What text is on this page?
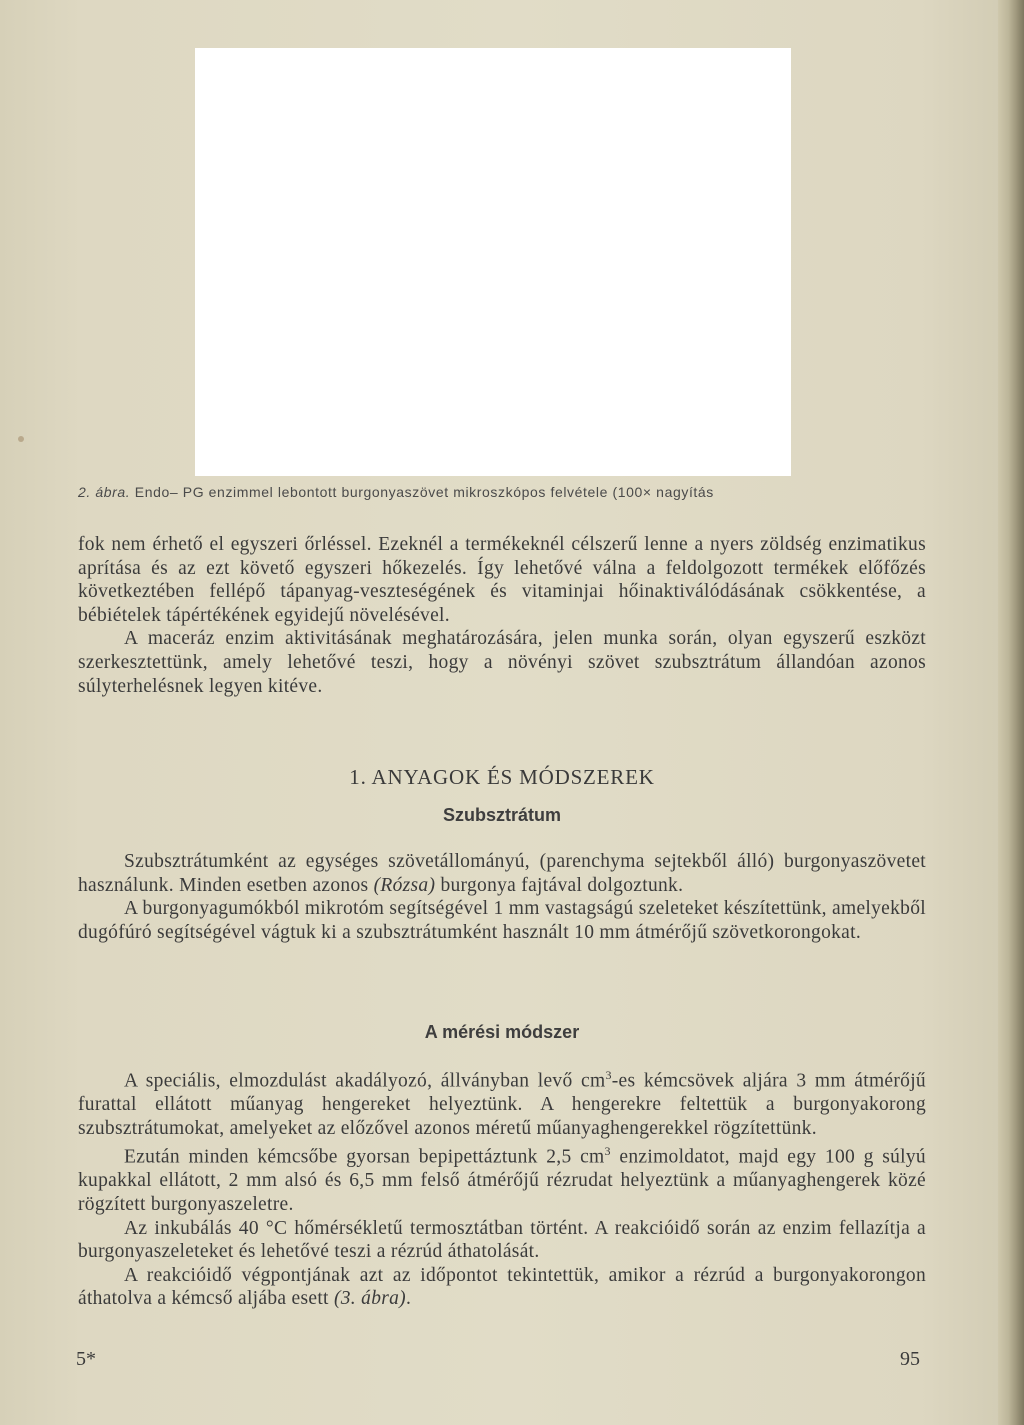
2. ábra. Endo– PG enzimmel lebontott burgonyaszövet mikroszkópos felvétele (100× nagyítás

fok nem érhető el egyszeri őrléssel. Ezeknél a termékeknél célszerű lenne a nyers zöldség enzimatikus aprítása és az ezt követő egyszeri hőkezelés. Így lehetővé válna a feldolgozott termékek előfőzés következtében fellépő tápanyag-veszteségének és vitaminjai hőinaktiválódásának csökkentése, a bébiételek tápértékének egyidejű növelésével.

A maceráz enzim aktivitásának meghatározására, jelen munka során, olyan egyszerű eszközt szerkesztettünk, amely lehetővé teszi, hogy a növényi szövet szubsztrátum állandóan azonos súlyterhelésnek legyen kitéve.

1. ANYAGOK ÉS MÓDSZEREK
Szubsztrátum

Szubsztrátumként az egységes szövetállományú, (parenchyma sejtekből álló) burgonyaszövetet használunk. Minden esetben azonos (Rózsa) burgonya fajtával dolgoztunk.

A burgonyagumókból mikrotóm segítségével 1 mm vastagságú szeleteket készítettünk, amelyekből dugófúró segítségével vágtuk ki a szubsztrátumként használt 10 mm átmérőjű szövetkorongokat.

A mérési módszer

A speciális, elmozdulást akadályozó, állványban levő $cm^3-es$ kémcsövek aljára 3 mm átmérőjű furattal ellátott műanyag hengereket helyeztünk. A hengerekre feltettük a burgonyakorong szubsztrátumokat, amelyeket az előzővel azonos méretű műanyaghengerekkel rögzítettünk.

Ezután minden kémcsőbe gyorsan bepipettáztunk 2,5 $cm^3$ enzimoldatot, majd egy 100 g súlyú kupakkal ellátott, 2 mm alsó és 6,5 mm felső átmérőjű rézrudat helyeztünk a műanyaghengerek közé rögzített burgonyaszeletre.

Az inkubálás 40 °C hőmérsékletű termosztátban történt. A reakcióidő során az enzim fellazítja a burgonyaszeleteket és lehetővé teszi a rézrúd áthatolását.

A reakcióidő végpontjának azt az időpontot tekintettük, amikor a rézrúd a burgonyakorongon áthatolva a kémcső aljába esett (3. ábra).

5*	95
